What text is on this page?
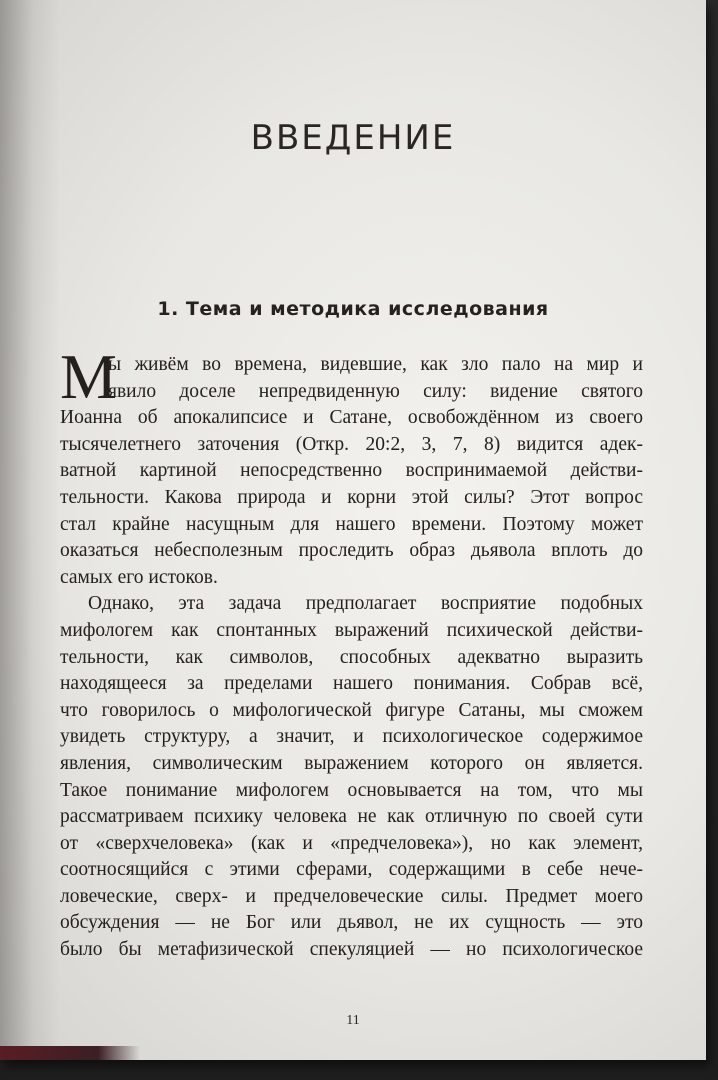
ВВЕДЕНИЕ
1. Тема и методика исследования
М

ы живём во времена, видевшие, как зло пало на мир и
явило доселе непредвиденную силу: видение святого
Иоанна об апокалипсисе и Сатане, освобождённом из своего
тысячелетнего заточения (Откр. 20:2, 3, 7, 8) видится адек-
ватной картиной непосредственно воспринимаемой действи-
тельности. Какова природа и корни этой силы? Этот вопрос
стал крайне насущным для нашего времени. Поэтому может
оказаться небесполезным проследить образ дьявола вплоть до
самых его истоков.

Однако, эта задача предполагает восприятие подобных
мифологем как спонтанных выражений психической действи-
тельности, как символов, способных адекватно выразить
находящееся за пределами нашего понимания. Собрав всё,
что говорилось о мифологической фигуре Сатаны, мы сможем
увидеть структуру, а значит, и психологическое содержимое
явления, символическим выражением которого он является.
Такое понимание мифологем основывается на том, что мы
рассматриваем психику человека не как отличную по своей сути
от «сверхчеловека» (как и «предчеловека»), но как элемент,
соотносящийся с этими сферами, содержащими в себе нече-
ловеческие, сверх- и предчеловеческие силы. Предмет моего
обсуждения — не Бог или дьявол, не их сущность — это
было бы метафизической спекуляцией — но психологическое

11
